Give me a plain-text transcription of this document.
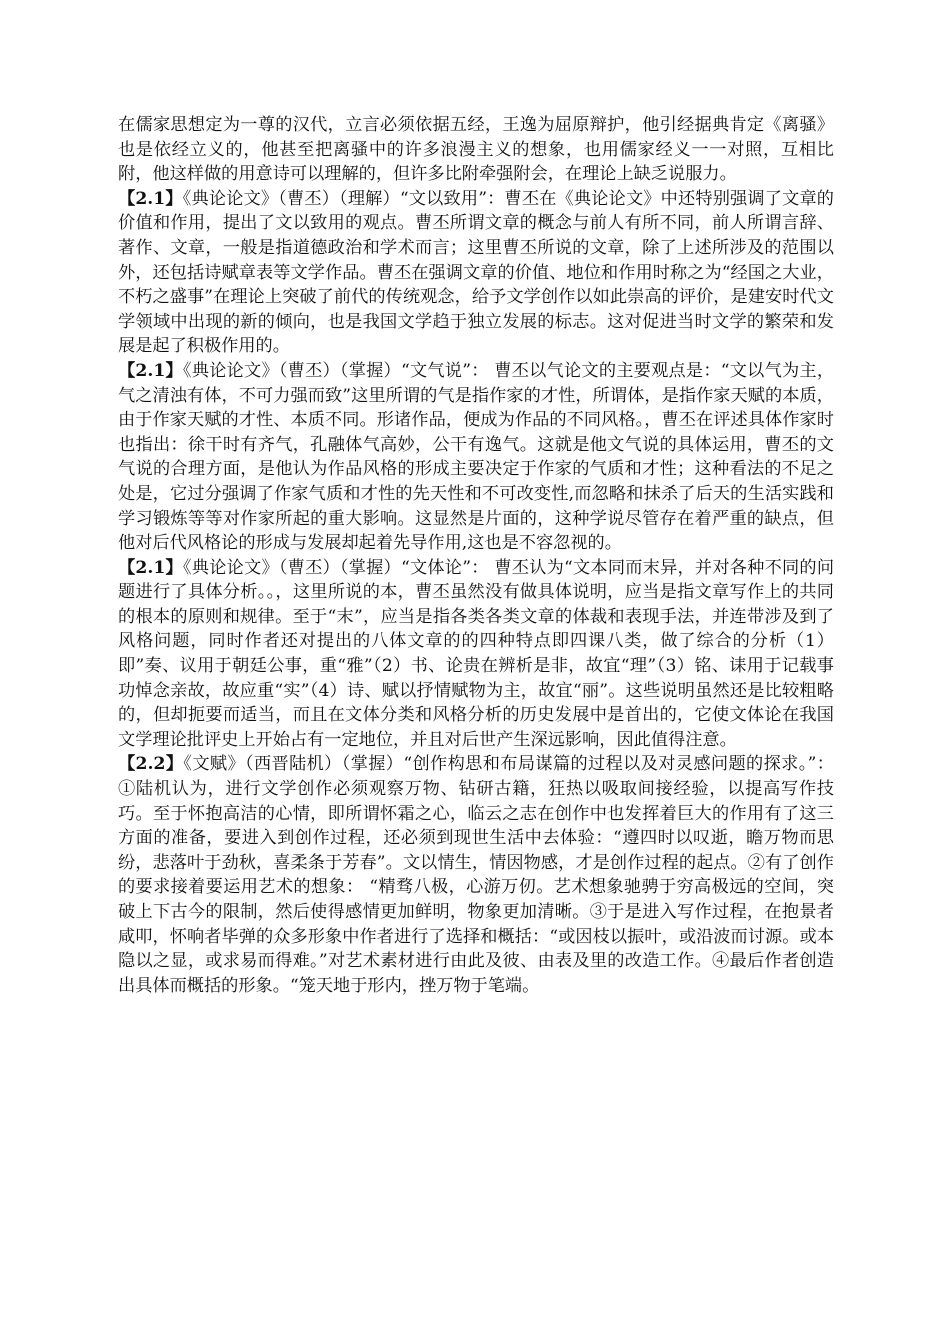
在儒家思想定为一尊的汉代，立言必须依据五经，王逸为屈原辩护，他引经据典肯定《离骚》也是依经立义的，他甚至把离骚中的许多浪漫主义的想象，也用儒家经义一一对照，互相比附，他这样做的用意诗可以理解的，但许多比附牵强附会，在理论上缺乏说服力。

【2.1】《典论论文》（曹丕）（理解）“文以致用”：曹丕在《典论论文》中还特别强调了文章的价值和作用，提出了文以致用的观点。曹丕所谓文章的概念与前人有所不同，前人所谓言辞、著作、文章，一般是指道德政治和学术而言；这里曹丕所说的文章，除了上述所涉及的范围以外，还包括诗赋章表等文学作品。曹丕在强调文章的价值、地位和作用时称之为“经国之大业，不朽之盛事”在理论上突破了前代的传统观念，给予文学创作以如此崇高的评价，是建安时代文学领域中出现的新的倾向，也是我国文学趋于独立发展的标志。这对促进当时文学的繁荣和发展是起了积极作用的。

【2.1】《典论论文》（曹丕）（掌握）“文气说”： 曹丕以气论文的主要观点是：“文以气为主，气之清浊有体，不可力强而致”这里所谓的气是指作家的才性，所谓体，是指作家天赋的本质，由于作家天赋的才性、本质不同。形诸作品，便成为作品的不同风格。，曹丕在评述具体作家时也指出：徐干时有齐气，孔融体气高妙，公干有逸气。这就是他文气说的具体运用，曹丕的文气说的合理方面，是他认为作品风格的形成主要决定于作家的气质和才性；这种看法的不足之处是，它过分强调了作家气质和才性的先天性和不可改变性,而忽略和抹杀了后天的生活实践和学习锻炼等等对作家所起的重大影响。这显然是片面的，这种学说尽管存在着严重的缺点，但他对后代风格论的形成与发展却起着先导作用,这也是不容忽视的。

【2.1】《典论论文》（曹丕）（掌握）“文体论”： 曹丕认为“文本同而末异，并对各种不同的问题进行了具体分析。。，这里所说的本，曹丕虽然没有做具体说明，应当是指文章写作上的共同的根本的原则和规律。至于“末”，应当是指各类各类文章的体裁和表现手法，并连带涉及到了风格问题，同时作者还对提出的八体文章的的四种特点即四课八类，做了综合的分析（1）即”奏、议用于朝廷公事，重“雅”（2）书、论贵在辨析是非，故宜“理”（3）铭、诔用于记载事功悼念亲故，故应重“实”（4）诗、赋以抒情赋物为主，故宜“丽”。这些说明虽然还是比较粗略的，但却扼要而适当，而且在文体分类和风格分析的历史发展中是首出的，它使文体论在我国文学理论批评史上开始占有一定地位，并且对后世产生深远影响，因此值得注意。

【2.2】《文赋》（西晋陆机）（掌握）“创作构思和布局谋篇的过程以及对灵感问题的探求。”：①陆机认为，进行文学创作必须观察万物、钻研古籍，狂热以吸取间接经验，以提高写作技巧。至于怀抱高洁的心情，即所谓怀霜之心，临云之志在创作中也发挥着巨大的作用有了这三方面的准备，要进入到创作过程，还必须到现世生活中去体验：“遵四时以叹逝，瞻万物而思纷，悲落叶于劲秋，喜柔条于芳春”。文以情生，情因物感，才是创作过程的起点。②有了创作的要求接着要运用艺术的想象： “精骛八极，心游万仞。艺术想象驰骋于穷高极远的空间，突破上下古今的限制，然后使得感情更加鲜明，物象更加清晰。③于是进入写作过程，在抱景者咸叩，怀响者毕弹的众多形象中作者进行了选择和概括：“或因枝以振叶，或沿波而讨源。或本隐以之显，或求易而得难。”对艺术素材进行由此及彼、由表及里的改造工作。④最后作者创造出具体而概括的形象。“笼天地于形内，挫万物于笔端。
